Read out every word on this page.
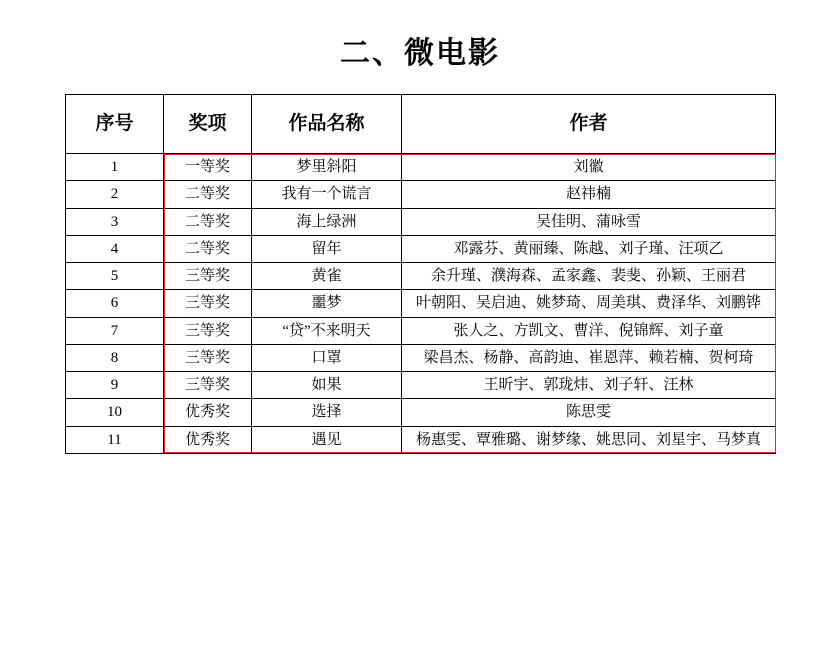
二、微电影
序号	奖项	作品名称	作者
1	一等奖	梦里斜阳	刘徽
2	二等奖	我有一个谎言	赵祎楠
3	二等奖	海上绿洲	吴佳明、蒲咏雪
4	二等奖	留年	邓露芬、黄丽臻、陈越、刘子瑾、汪项乙
5	三等奖	黄雀	余升瑾、濮海森、孟家鑫、裴斐、孙颖、王丽君
6	三等奖	噩梦	叶朝阳、吴启迪、姚梦琦、周美琪、费泽华、刘鹏铧
7	三等奖	“贷”不来明天	张人之、方凯文、曹洋、倪锦辉、刘子童
8	三等奖	口罩	梁昌杰、杨静、高韵迪、崔恩萍、赖若楠、贺柯琦
9	三等奖	如果	王昕宇、郭珑炜、刘子轩、汪林
10	优秀奖	选择	陈思雯
11	优秀奖	遇见	杨惠雯、覃雅璐、谢梦缘、姚思同、刘星宇、马梦真
